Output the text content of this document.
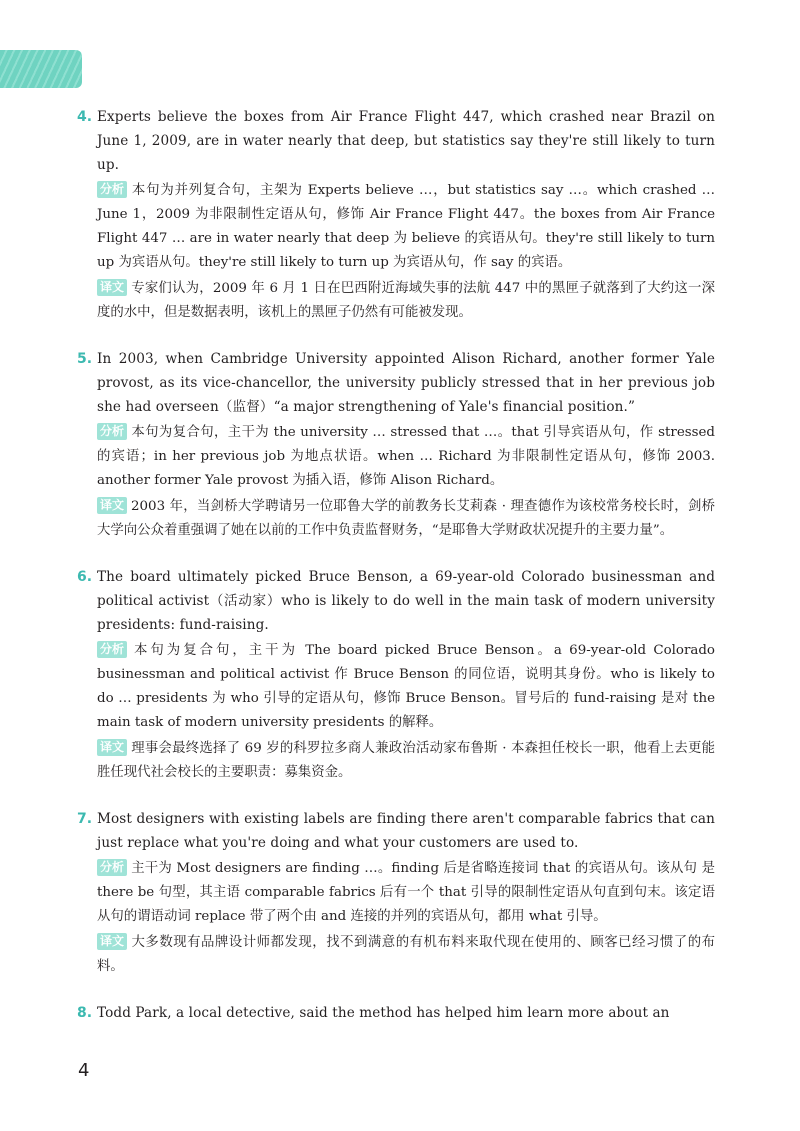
4. Experts believe the boxes from Air France Flight 447, which crashed near Brazil on June 1, 2009, are in water nearly that deep, but statistics say they're still likely to turn up.
分析 本句为并列复合句，主架为 Experts believe …，but statistics say …。which crashed … June 1，2009 为非限制性定语从句，修饰 Air France Flight 447。the boxes from Air France Flight 447 … are in water nearly that deep 为 believe 的宾语从句。they're still likely to turn up 为宾语从句。they're still likely to turn up 为宾语从句，作 say 的宾语。
译文 专家们认为，2009 年 6 月 1 日在巴西附近海域失事的法航 447 中的黑匣子就落到了大约这一深度的水中，但是数据表明，该机上的黑匣子仍然有可能被发现。
5. In 2003, when Cambridge University appointed Alison Richard, another former Yale provost, as its vice-chancellor, the university publicly stressed that in her previous job she had overseen（监督）“a major strengthening of Yale's financial position.”
分析 本句为复合句，主干为 the university … stressed that …。that 引导宾语从句，作 stressed 的宾语；in her previous job 为地点状语。when … Richard 为非限制性定语从句，修饰 2003. another former Yale provost 为插入语，修饰 Alison Richard。
译文 2003 年，当剑桥大学聘请另一位耶鲁大学的前教务长艾莉森 · 理查德作为该校常务校长时，剑桥大学向公众着重强调了她在以前的工作中负责监督财务，“是耶鲁大学财政状况提升的主要力量”。
6. The board ultimately picked Bruce Benson, a 69-year-old Colorado businessman and political activist（活动家）who is likely to do well in the main task of modern university presidents: fund-raising.
分析 本句为复合句，主干为 The board picked Bruce Benson。a 69-year-old Colorado businessman and political activist 作 Bruce Benson 的同位语，说明其身份。who is likely to do … presidents 为 who 引导的定语从句，修饰 Bruce Benson。冒号后的 fund-raising 是对 the main task of modern university presidents 的解释。
译文 理事会最终选择了 69 岁的科罗拉多商人兼政治活动家布鲁斯 · 本森担任校长一职，他看上去更能胜任现代社会校长的主要职责：募集资金。
7. Most designers with existing labels are finding there aren't comparable fabrics that can just replace what you're doing and what your customers are used to.
分析 主干为 Most designers are finding …。finding 后是省略连接词 that 的宾语从句。该从句 是 there be 句型，其主语 comparable fabrics 后有一个 that 引导的限制性定语从句直到句末。该定语从句的谓语动词 replace 带了两个由 and 连接的并列的宾语从句，都用 what 引导。
译文 大多数现有品牌设计师都发现，找不到满意的有机布料来取代现在使用的、顾客已经习惯了的布料。
8. Todd Park, a local detective, said the method has helped him learn more about an
4
